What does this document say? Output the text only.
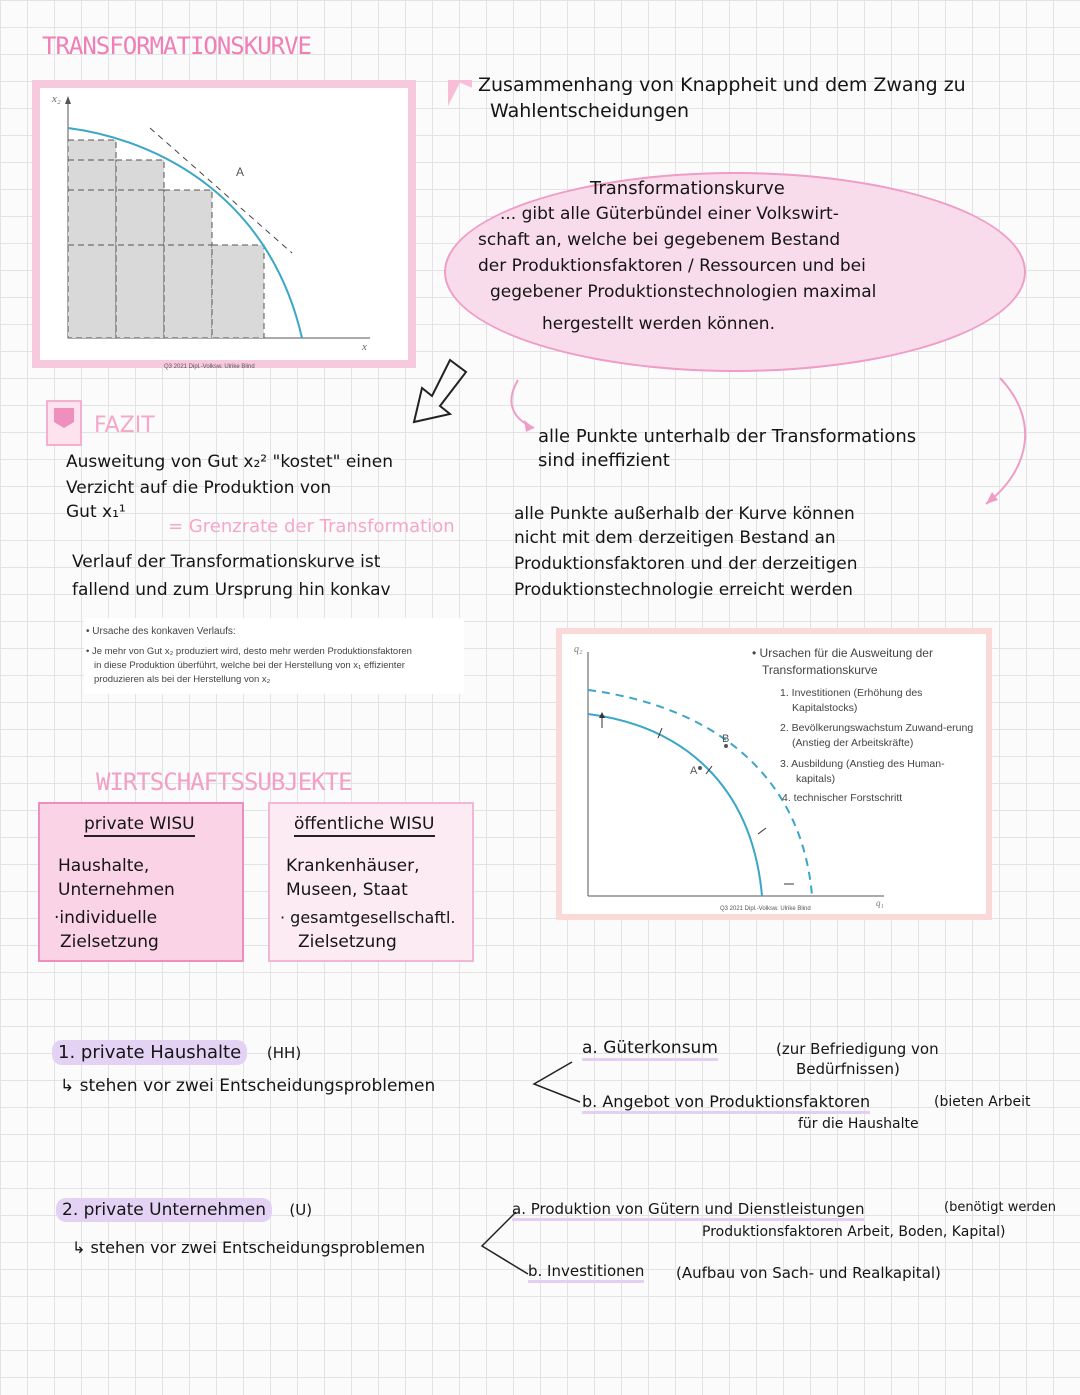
TRANSFORMATIONSKURVE
x₂
x
A
Q3 2021 Dipl.-Volksw. Ulrike Blind
Zusammenhang von Knappheit und dem Zwang zu
Wahlentscheidungen
Transformationskurve
... gibt alle Güterbündel einer Volkswirt-
schaft an, welche bei gegebenem Bestand
der Produktionsfaktoren / Ressourcen und bei
gegebener Produktionstechnologien maximal
hergestellt werden können.
FAZIT
Ausweitung von Gut x₂² "kostet" einen
Verzicht auf die Produktion von
Gut x₁¹
= Grenzrate der Transformation
Verlauf der Transformationskurve ist
fallend und zum Ursprung hin konkav
alle Punkte unterhalb der Transformations
sind ineffizient
alle Punkte außerhalb der Kurve können
nicht mit dem derzeitigen Bestand an
Produktionsfaktoren und der derzeitigen
Produktionstechnologie erreicht werden
• Ursache des konkaven Verlaufs:
• Je mehr von Gut x₂ produziert wird, desto mehr werden Produktionsfaktoren
in diese Produktion überführt, welche bei der Herstellung von x₁ effizienter
produzieren als bei der Herstellung von x₂
q₂
q₁
A
B
Q3 2021 Dipl.-Volksw. Ulrike Blind
• Ursachen für die Ausweitung der
Transformationskurve
1. Investitionen (Erhöhung des
Kapitalstocks)
2. Bevölkerungswachstum Zuwand-erung
(Anstieg der Arbeitskräfte)
3. Ausbildung (Anstieg des Human-
kapitals)
4. technischer Forstschritt
WIRTSCHAFTSSUBJEKTE
private WISU
Haushalte,
Unternehmen
·individuelle
Zielsetzung
öffentliche WISU
Krankenhäuser,
Museen, Staat
· gesamtgesellschaftl.
Zielsetzung
1. private Haushalte (HH)
↳ stehen vor zwei Entscheidungsproblemen
a. Güterkonsum	(zur Befriedigung von
Bedürfnissen)
b. Angebot von Produktionsfaktoren	(bieten Arbeit
für die Haushalte
2. private Unternehmen (U)
↳ stehen vor zwei Entscheidungsproblemen
a. Produktion von Gütern und Dienstleistungen	(benötigt werden
Produktionsfaktoren Arbeit, Boden, Kapital)
b. Investitionen (Aufbau von Sach- und Realkapital)
